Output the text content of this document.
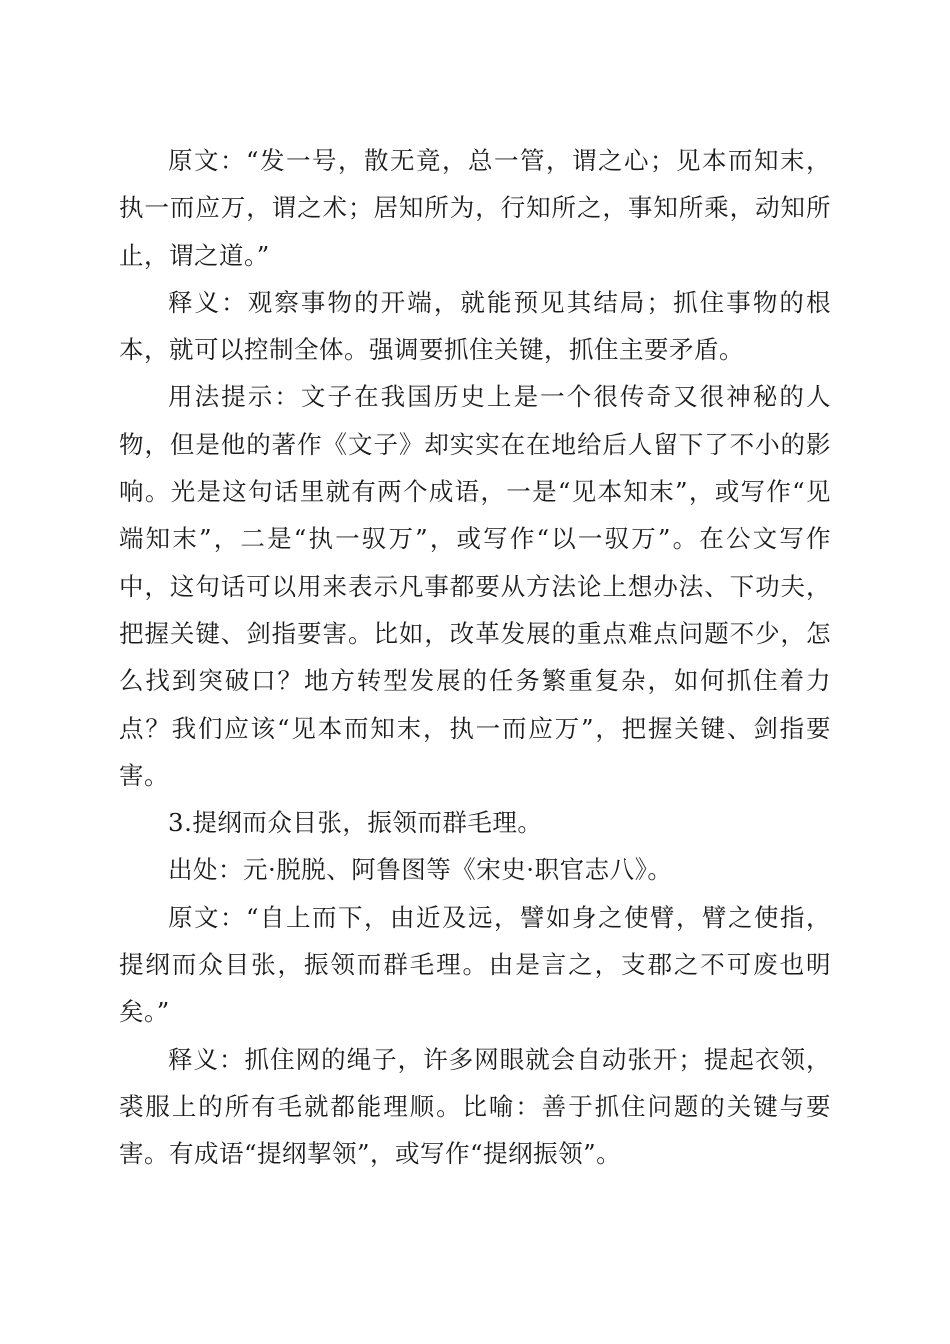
原文：“发一号，散无竟，总一管，谓之心；见本而知末，执一而应万，谓之术；居知所为，行知所之，事知所乘，动知所止，谓之道。”

释义：观察事物的开端，就能预见其结局；抓住事物的根本，就可以控制全体。强调要抓住关键，抓住主要矛盾。

用法提示：文子在我国历史上是一个很传奇又很神秘的人物，但是他的著作《文子》却实实在在地给后人留下了不小的影响。光是这句话里就有两个成语，一是“见本知末”，或写作“见端知末”，二是“执一驭万”，或写作“以一驭万”。在公文写作中，这句话可以用来表示凡事都要从方法论上想办法、下功夫，把握关键、剑指要害。比如，改革发展的重点难点问题不少，怎么找到突破口？地方转型发展的任务繁重复杂，如何抓住着力点？我们应该“见本而知末，执一而应万”，把握关键、剑指要害。

3.提纲而众目张，振领而群毛理。

出处：元·脱脱、阿鲁图等《宋史·职官志八》。

原文：“自上而下，由近及远，譬如身之使臂，臂之使指，提纲而众目张，振领而群毛理。由是言之，支郡之不可废也明矣。”

释义：抓住网的绳子，许多网眼就会自动张开；提起衣领，裘服上的所有毛就都能理顺。比喻：善于抓住问题的关键与要害。有成语“提纲挈领”，或写作“提纲振领”。
